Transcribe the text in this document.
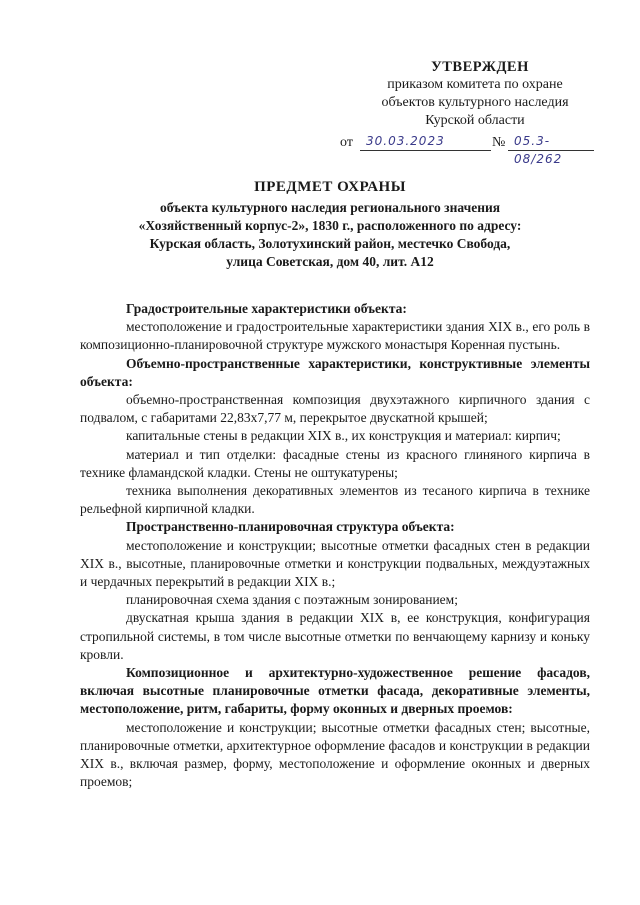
УТВЕРЖДЕН
приказом комитета по охране
объектов культурного наследия
Курской области
от	30.03.2023	№ 05.3-08/262
ПРЕДМЕТ ОХРАНЫ
объекта культурного наследия регионального значения
«Хозяйственный корпус-2», 1830 г., расположенного по адресу:
Курская область, Золотухинский район, местечко Свобода,
улица Советская, дом 40, лит. А12

Градостроительные характеристики объекта:

местоположение и градостроительные характеристики здания XIX в., его роль в композиционно-планировочной структуре мужского монастыря Коренная пустынь.

Объемно-пространственные характеристики, конструктивные элементы объекта:

объемно-пространственная композиция двухэтажного кирпичного здания с подвалом, с габаритами 22,83х7,77 м, перекрытое двускатной крышей;

капитальные стены в редакции XIX в., их конструкция и материал: кирпич;

материал и тип отделки: фасадные стены из красного глиняного кирпича в технике фламандской кладки. Стены не оштукатурены;

техника выполнения декоративных элементов из тесаного кирпича в технике рельефной кирпичной кладки.

Пространственно-планировочная структура объекта:

местоположение и конструкции; высотные отметки фасадных стен в редакции XIX в., высотные, планировочные отметки и конструкции подвальных, междуэтажных и чердачных перекрытий в редакции XIX в.;

планировочная схема здания с поэтажным зонированием;

двускатная крыша здания в редакции XIX в, ее конструкция, конфигурация стропильной системы, в том числе высотные отметки по венчающему карнизу и коньку кровли.

Композиционное и архитектурно-художественное решение фасадов, включая высотные планировочные отметки фасада, декоративные элементы, местоположение, ритм, габариты, форму оконных и дверных проемов:

местоположение и конструкции; высотные отметки фасадных стен; высотные, планировочные отметки, архитектурное оформление фасадов и конструкции в редакции XIX в., включая размер, форму, местоположение и оформление оконных и дверных проемов;
